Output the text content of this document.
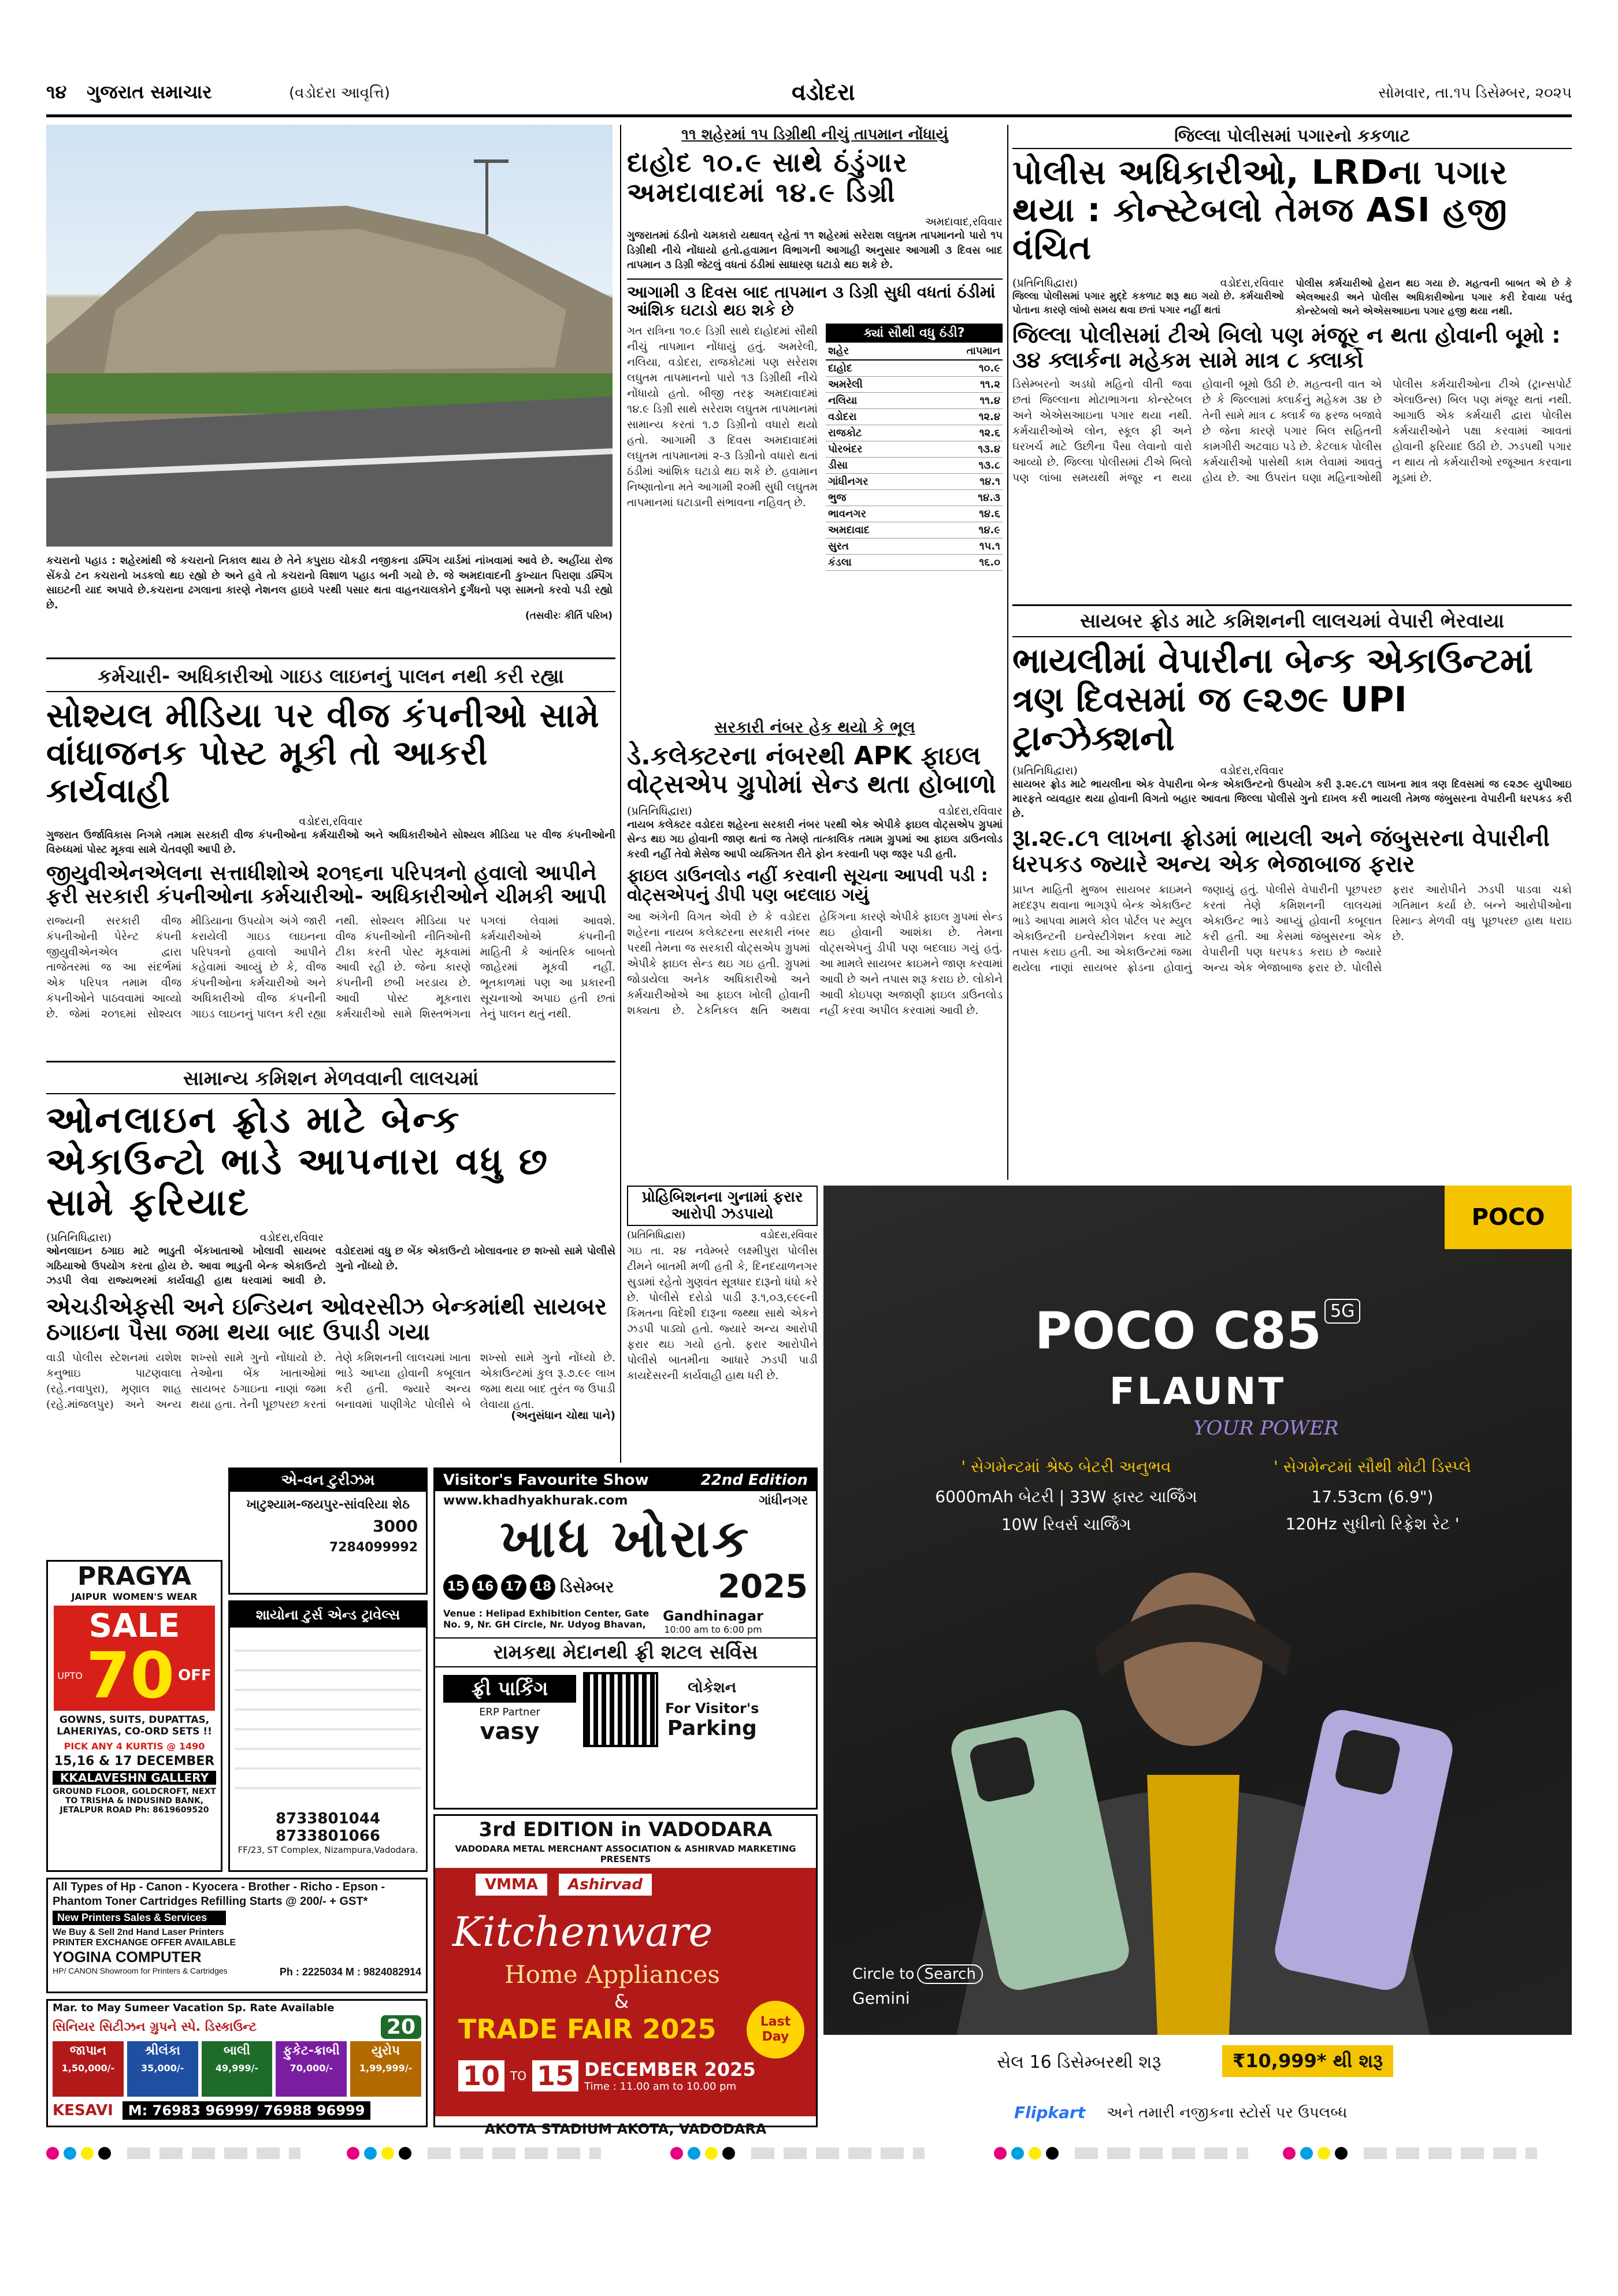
૧૪ ગુજરાત સમાચાર	(વડોદરા આવૃત્તિ)	વડોદરા	સોમવાર, તા.૧૫ ડિસેમ્બર, ૨૦૨૫

કચરાનો પહાડ : શહેરમાંથી જે કચરાનો નિકાલ થાય છે તેને કપુરાઇ ચોકડી નજીકના ડમ્પિંગ યાર્ડમાં નાંખવામાં આવે છે. અહીંયા રોજ સેંકડો ટન કચરાનો ખડકલો થઇ રહ્યો છે અને હવે તો કચરાનો વિશાળ પહાડ બની ગયો છે. જે અમદાવાદની કુખ્યાત પિરાણા ડમ્પિંગ સાઇટની યાદ અપાવે છે.કચરાના ઢગલાના કારણે નેશનલ હાઇવે પરથી પસાર થતા વાહનચાલકોને દુર્ગંધનો પણ સામનો કરવો પડી રહ્યો છે.

(તસવીરઃ કીર્તિ પરિખ)

૧૧ શહેરમાં ૧૫ ડિગ્રીથી નીચું તાપમાન નોંધાયું
દાહોદ ૧૦.૯ સાથે ઠંડુંગાર અમદાવાદમાં ૧૪.૯ ડિગ્રી
અમદાવાદ,રવિવાર

ગુજરાતમાં ઠંડીનો ચમકારો યથાવત્ રહેતાં ૧૧ શહેરમાં સરેરાશ લઘુતમ તાપમાનનો પારો ૧૫ ડિગ્રીથી નીચે નોંધાયો હતો.હવામાન વિભાગની આગાહી અનુસાર આગામી ૩ દિવસ બાદ તાપમાન ૩ ડિગ્રી જેટલું વધતાં ઠંડીમાં સાધારણ ઘટાડો થઇ શકે છે.

આગામી ૩ દિવસ બાદ તાપમાન ૩ ડિગ્રી સુધી વધતાં ઠંડીમાં આંશિક ઘટાડો થઇ શકે છે

ગત રાત્રિના ૧૦.૯ ડિગ્રી સાથે દાહોદમાં સૌથી નીચું તાપમાન નોંધાયું હતું. અમરેલી, નલિયા, વડોદરા, રાજકોટમાં પણ સરેરાશ લઘુતમ તાપમાનનો પારો ૧૩ ડિગ્રીથી નીચે નોંધાયો હતો. બીજી તરફ અમદાવાદમાં ૧૪.૯ ડિગ્રી સાથે સરેરાશ લઘુતમ તાપમાનમાં સામાન્ય કરતાં ૧.૭ ડિગ્રીનો વધારો થયો હતો. આગામી ૩ દિવસ અમદાવાદમાં લઘુતમ તાપમાનમાં ૨-૩ ડિગ્રીનો વધારો થતાં ઠંડીમાં આંશિક ઘટાડો થઇ શકે છે. હવામાન નિષ્ણાતોના મતે આગામી ૨૦મી સુધી લઘુતમ તાપમાનમાં ઘટાડાની સંભાવના નહિવત્ છે.

ક્યાં સૌથી વધુ ઠંડી?
શહેર	તાપમાન
દાહોદ	૧૦.૯
અમરેલી	૧૧.૨
નલિયા	૧૧.૪
વડોદરા	૧૨.૪
રાજકોટ	૧૨.૬
પોરબંદર	૧૩.૪
ડીસા	૧૩.૮
ગાંધીનગર	૧૪.૧
ભુજ	૧૪.૩
ભાવનગર	૧૪.૬
અમદાવાદ	૧૪.૯
સુરત	૧૫.૧
કંડલા	૧૬.૦
જિલ્લા પોલીસમાં પગારનો કકળાટ
પોલીસ અધિકારીઓ, LRDના પગાર થયા : કોન્સ્ટેબલો તેમજ ASI હજી વંચિત
(પ્રતિનિધિદ્વારા)	વડોદરા,રવિવાર

જિલ્લા પોલીસમાં પગાર મુદ્દે કકળાટ શરૂ થઇ ગયો છે. કર્મચારીઓ પોતાના કારણે લાંબો સમય થવા છતાં પગાર નહીં થતાં

પોલીસ કર્મચારીઓ હેરાન થઇ ગયા છે. મહત્વની બાબત એ છે કે એલઆરડી અને પોલીસ અધિકારીઓના પગાર કરી દેવાયા પરંતુ કોન્સ્ટેબલો અને એએસઆઇના પગાર હજી થયા નથી.

જિલ્લા પોલીસમાં ટીએ બિલો પણ મંજૂર ન થતા હોવાની બૂમો : ૩૪ ક્લાર્કના મહેકમ સામે માત્ર ૮ ક્લાર્કો

ડિસેમ્બરનો અડધો મહિનો વીતી જવા છતાં જિલ્લાના મોટાભાગના કોન્સ્ટેબલ અને એએસઆઇના પગાર થયા નથી. કર્મચારીઓએ લોન, સ્કૂલ ફી અને ઘરખર્ચ માટે ઉછીના પૈસા લેવાનો વારો આવ્યો છે. જિલ્લા પોલીસમાં ટીએ બિલો પણ લાંબા સમયથી મંજૂર ન થયા હોવાની બૂમો ઉઠી છે. મહત્વની વાત એ છે કે જિલ્લામાં ક્લાર્કનું મહેકમ ૩૪ છે તેની સામે માત્ર ૮ ક્લાર્ક જ ફરજ બજાવે છે જેના કારણે પગાર બિલ સહિતની કામગીરી અટવાઇ પડે છે. કેટલાક પોલીસ કર્મચારીઓ પાસેથી કામ લેવામાં આવતું હોય છે. આ ઉપરાંત ઘણા મહિનાઓથી પોલીસ કર્મચારીઓના ટીએ (ટ્રાન્સપોર્ટ એલાઉન્સ) બિલ પણ મંજૂર થતાં નથી. આગાઉ એક કર્મચારી દ્વારા પોલીસ કર્મચારીઓને પક્ષા કરવામાં આવતાં હોવાની ફરિયાદ ઉઠી છે. ઝડપથી પગાર ન થાય તો કર્મચારીઓ રજૂઆત કરવાના મૂડમાં છે.

કર્મચારી- અધિકારીઓ ગાઇડ લાઇનનું પાલન નથી કરી રહ્યા
સોશ્યલ મીડિયા પર વીજ કંપનીઓ સામે વાંધાજનક પોસ્ટ મૂકી તો આકરી કાર્યવાહી
વડોદરા,રવિવાર

ગુજરાત ઉર્જાવિકાસ નિગમે તમામ સરકારી વીજ કંપનીઓના કર્મચારીઓ અને અધિકારીઓને સોશ્યલ મીડિયા પર વીજ કંપનીઓની વિરુધ્ધમાં પોસ્ટ મૂકવા સામે ચેતવણી આપી છે.

જીયુવીએનએલના સત્તાધીશોએ ૨૦૧૬ના પરિપત્રનો હવાલો આપીને ફરી સરકારી કંપનીઓના કર્મચારીઓ- અધિકારીઓને ચીમકી આપી

રાજ્યની સરકારી વીજ કંપનીઓની પેરેન્ટ કંપની જીયુવીએનએલ દ્વારા તાજેતરમાં જ આ સંદર્ભમાં એક પરિપત્ર તમામ વીજ કંપનીઓને પાઠવવામાં આવ્યો છે. જેમાં ૨૦૧૬માં સોશ્યલ મીડિયાના ઉપયોગ અંગે જારી કરાયેલી ગાઇડ લાઇનના પરિપત્રનો હવાલો આપીને કહેવામાં આવ્યું છે કે, વીજ કંપનીઓના કર્મચારીઓ અને અધિકારીઓ વીજ કંપનીની ગાઇડ લાઇનનું પાલન કરી રહ્યા નથી. સોશ્યલ મીડિયા પર વીજ કંપનીઓની નીતિઓની ટીકા કરતી પોસ્ટ મૂકવામાં આવી રહી છે. જેના કારણે કંપનીની છબી ખરડાય છે. આવી પોસ્ટ મૂકનારા કર્મચારીઓ સામે શિસ્તભંગના પગલાં લેવામાં આવશે. કર્મચારીઓએ કંપનીની માહિતી કે આંતરિક બાબતો જાહેરમાં મૂકવી નહીં. ભૂતકાળમાં પણ આ પ્રકારની સૂચનાઓ અપાઇ હતી છતાં તેનું પાલન થતું નથી.

સરકારી નંબર હેક થયો કે ભૂલ
ડે.કલેક્ટરના નંબરથી APK ફાઇલ વોટ્સએપ ગ્રુપોમાં સેન્ડ થતા હોબાળો
(પ્રતિનિધિદ્વારા)	વડોદરા,રવિવાર

નાયબ કલેક્ટર વડોદરા શહેરના સરકારી નંબર પરથી એક એપીકે ફાઇલ વોટ્સએપ ગ્રુપમાં સેન્ડ થઇ ગઇ હોવાની જાણ થતાં જ તેમણે તાત્કાલિક તમામ ગ્રુપમાં આ ફાઇલ ડાઉનલોડ કરવી નહીં તેવો મેસેજ આપી વ્યક્તિગત રીતે ફોન કરવાની પણ જરૂર પડી હતી.

ફાઇલ ડાઉનલોડ નહીં કરવાની સૂચના આપવી પડી : વોટ્સએપનું ડીપી પણ બદલાઇ ગયું

આ અંગેની વિગત એવી છે કે વડોદરા શહેરના નાયબ કલેક્ટરના સરકારી નંબર પરથી તેમના જ સરકારી વોટ્સએપ ગ્રુપમાં એપીકે ફાઇલ સેન્ડ થઇ ગઇ હતી. ગ્રુપમાં જોડાયેલા અનેક અધિકારીઓ અને કર્મચારીઓએ આ ફાઇલ ખોલી હોવાની શક્યતા છે. ટેકનિકલ ક્ષતિ અથવા હેકિંગના કારણે એપીકે ફાઇલ ગ્રુપમાં સેન્ડ થઇ હોવાની આશંકા છે. તેમના વોટ્સએપનું ડીપી પણ બદલાઇ ગયું હતું. આ મામલે સાયબર ક્રાઇમને જાણ કરવામાં આવી છે અને તપાસ શરૂ કરાઇ છે. લોકોને આવી કોઇપણ અજાણી ફાઇલ ડાઉનલોડ નહીં કરવા અપીલ કરવામાં આવી છે.

સાયબર ફ્રોડ માટે કમિશનની લાલચમાં વેપારી ભેરવાયા
ભાયલીમાં વેપારીના બેન્ક એકાઉન્ટમાં ત્રણ દિવસમાં જ ૯૨૭૯ UPI ટ્રાન્ઝેક્શનો
(પ્રતિનિધિદ્વારા)	વડોદરા,રવિવાર

સાયબર ફ્રોડ માટે ભાયલીના એક વેપારીના બેન્ક એકાઉન્ટનો ઉપયોગ કરી રૂ.૨૯.૮૧ લાખના માત્ર ત્રણ દિવસમાં જ ૯૨૭૯ યુપીઆઇ મારફતે વ્યવહાર થયા હોવાની વિગતો બહાર આવતા જિલ્લા પોલીસે ગુનો દાખલ કરી ભાયલી તેમજ જંબુસરના વેપારીની ધરપકડ કરી છે.

રૂા.૨૯.૮૧ લાખના ફ્રોડમાં ભાયલી અને જંબુસરના વેપારીની ધરપકડ જ્યારે અન્ય એક ભેજાબાજ ફરાર

પ્રાપ્ત માહિતી મુજબ સાયબર ક્રાઇમને મદદરૂપ થવાના ભાગરૂપે બેન્ક એકાઉન્ટ ભાડે આપવા મામલે કોલ પોર્ટલ પર મ્યુલ એકાઉન્ટની ઇન્વેસ્ટીગેશન કરવા માટે તપાસ કરાઇ હતી. આ એકાઉન્ટમાં જમા થયેલા નાણાં સાયબર ફ્રોડના હોવાનું જણાયું હતું. પોલીસે વેપારીની પૂછપરછ કરતાં તેણે કમિશનની લાલચમાં એકાઉન્ટ ભાડે આપ્યું હોવાની કબૂલાત કરી હતી. આ કેસમાં જંબુસરના એક વેપારીની પણ ધરપકડ કરાઇ છે જ્યારે અન્ય એક ભેજાબાજ ફરાર છે. પોલીસે ફરાર આરોપીને ઝડપી પાડવા ચક્રો ગતિમાન કર્યા છે. બન્ને આરોપીઓના રિમાન્ડ મેળવી વધુ પૂછપરછ હાથ ધરાઇ છે.

સામાન્ય કમિશન મેળવવાની લાલચમાં
ઓનલાઇન ફ્રોડ માટે બેન્ક એકાઉન્ટો ભાડે આપનારા વધુ છ સામે ફરિયાદ
(પ્રતિનિધિદ્વારા)	વડોદરા,રવિવાર

ઓનલાઇન ઠગાઇ માટે ભાડુતી બેંકખાતાઓ ખોલાવી સાયબર ગઠિયાઓ ઉપયોગ કરતા હોય છે. આવા ભાડુતી બેન્ક એકાઉન્ટો ઝડપી લેવા રાજ્યભરમાં કાર્યવાહી હાથ ધરવામાં આવી છે. વડોદરામાં વધુ છ બેંક એકાઉન્ટો ખોલાવનાર છ શખ્સો સામે પોલીસે ગુનો નોંધ્યો છે.

એચડીએફસી અને ઇન્ડિયન ઓવરસીઝ બેન્કમાંથી સાયબર ઠગાઇના પૈસા જમા થયા બાદ ઉપાડી ગયા

વાડી પોલીસ સ્ટેશનમાં યશેશ કનુભાઇ પાટણવાલા (રહે.નવાપુરા), મૃણાલ શાહ (રહે.માંજલપુર) અને અન્ય શખ્સો સામે ગુનો નોંધાયો છે. તેઓના બેંક ખાતાઓમાં સાયબર ઠગાઇના નાણાં જમા થયા હતા. તેની પૂછપરછ કરતાં તેણે કમિશનની લાલચમાં ખાતા ભાડે આપ્યા હોવાની કબૂલાત કરી હતી. જ્યારે અન્ય બનાવમાં પાણીગેટ પોલીસે બે શખ્સો સામે ગુનો નોંધ્યો છે. એકાઉન્ટમાં કુલ રૂ.૭.૯૯ લાખ જમા થયા બાદ તુરંત જ ઉપાડી લેવાયા હતા.

(અનુસંધાન ચોથા પાને)
પ્રોહિબિશનના ગુનામાં ફરાર આરોપી ઝડપાયો
(પ્રતિનિધિદ્વારા)	વડોદરા,રવિવાર

ગઇ તા. ૨૪ નવેમ્બરે લક્ષ્મીપુરા પોલીસ ટીમને બાતમી મળી હતી કે, દિનદયાળનગર સુડામાં રહેતો ગુણવંત સૂત્રધાર દારૂનો ધંધો કરે છે. પોલીસે દરોડો પાડી રૂ.૧,૦૩,૯૯૯ની કિંમતના વિદેશી દારૂના જથ્થા સાથે એકને ઝડપી પાડ્યો હતો. જ્યારે અન્ય આરોપી ફરાર થઇ ગયો હતો. ફરાર આરોપીને પોલીસે બાતમીના આધારે ઝડપી પાડી કાયદેસરની કાર્યવાહી હાથ ધરી છે.

POCO
POCO C85 5G
FLAUNT
YOUR POWER
' સેગમેન્ટમાં શ્રેષ્ઠ બેટરી અનુભવ
6000mAh બેટરી | 33W ફાસ્ટ ચાર્જિંગ
10W રિવર્સ ચાર્જિંગ
' સેગમેન્ટમાં સૌથી મોટી ડિસ્પ્લે
17.53cm (6.9")
120Hz સુધીનો રિફ્રેશ રેટ '
Circle to Search
Gemini
સેલ 16 ડિસેમ્બરથી શરૂ	₹10,999* થી શરૂ
Flipkart અને તમારી નજીકના સ્ટોર્સ પર ઉપલબ્ધ
Visitor's Favourite Show	22nd Edition
www.khadhyakhurak.com	ગાંધીનગર
ખાધ ખોરાક
15 16 17 18 ડિસેમ્બર	2025
Venue : Helipad Exhibition Center, Gate No. 9, Nr. GH Circle, Nr. Udyog Bhavan,
Gandhinagar
10:00 am to 6:00 pm
રામકથા મેદાનથી ફ્રી શટલ સર્વિસ
ફ્રી પાર્કિંગ
ERP Partner
vasy
લોકેશન
For Visitor's
Parking
3rd EDITION in VADODARA
VADODARA METAL MERCHANT ASSOCIATION & ASHIRVAD MARKETING PRESENTS
VMMA	Ashirvad
Kitchenware
Home Appliances
&
TRADE FAIR 2025	Last Day
10 TO 15 DECEMBER 2025
Time : 11.00 am to 10.00 pm
AKOTA STADIUM AKOTA, VADODARA
PRAGYA
JAIPUR WOMEN'S WEAR
SALE
UPTO 70 OFF
GOWNS, SUITS, DUPATTAS, LAHERIYAS, CO-ORD SETS !!
PICK ANY 4 KURTIS @ 1490
15,16 & 17 DECEMBER
KKALAVESHN GALLERY
GROUND FLOOR, GOLDCROFT, NEXT TO TRISHA & INDUSIND BANK, JETALPUR ROAD Ph: 8619609520
એ-વન ટુરીઝમ
ખાટુશ્યામ-જયપુર-સાંવરિયા શેઠ
3000
7284099992
શાયોના ટુર્સ એન્ડ ટ્રાવેલ્સ
8733801044
8733801066
FF/23, ST Complex, Nizampura,Vadodara.
All Types of Hp - Canon - Kyocera - Brother - Richo - Epson -
Phantom Toner Cartridges Refilling Starts @ 200/- + GST*
New Printers Sales & Services
We Buy & Sell 2nd Hand Laser Printers
PRINTER EXCHANGE OFFER AVAILABLE
YOGINA COMPUTER
HP/ CANON Showroom for Printers & Cartridges	Ph : 2225034 M : 9824082914
Mar. to May Sumeer Vacation Sp. Rate Available
સિનિયર સિટીઝન ગ્રુપને સ્પે. ડિસ્કાઉન્ટ	20
જાપાન
1,50,000/-
શ્રીલંકા
35,000/-
બાલી
49,999/-
ફુકેટ-ક્રાબી
70,000/-
યુરોપ
1,99,999/-
KESAVI	M: 76983 96999/ 76988 96999
